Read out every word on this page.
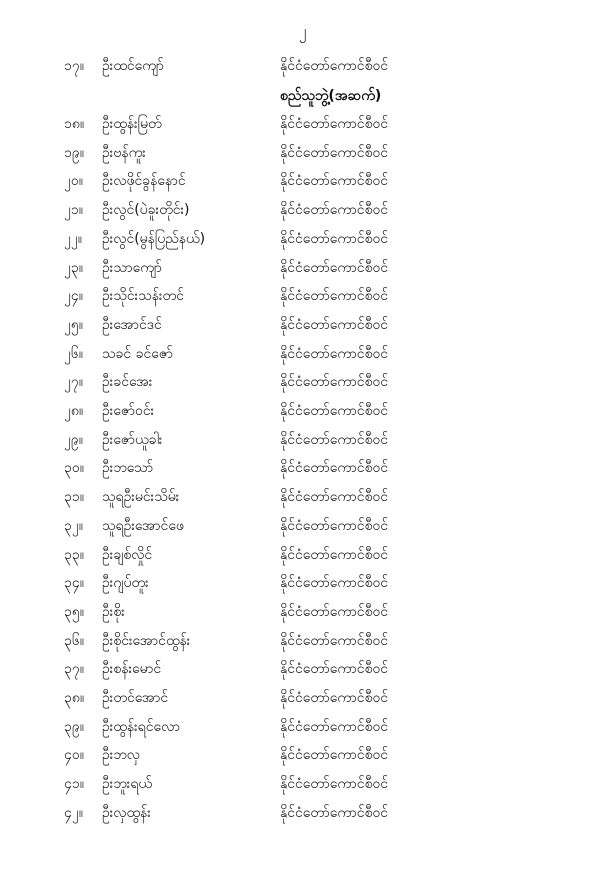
၂
၁၇။	ဦးထင်ကျော်	နိုင်ငံတော်ကောင်စီဝင်
စည်သူဘွဲ့(အဆက်)
၁၈။	ဦးထွန်းမြတ်	နိုင်ငံတော်ကောင်စီဝင်
၁၉။	ဦးဗန်ကူး	နိုင်ငံတော်ကောင်စီဝင်
၂၀။	ဦးလဖိုင်ခွန်နောင်	နိုင်ငံတော်ကောင်စီဝင်
၂၁။	ဦးလွင်(ပဲခူးတိုင်း)	နိုင်ငံတော်ကောင်စီဝင်
၂၂။	ဦးလွင်(မွန်ပြည်နယ်)	နိုင်ငံတော်ကောင်စီဝင်
၂၃။	ဦးသာကျော်	နိုင်ငံတော်ကောင်စီဝင်
၂၄။	ဦးသိုင်းသန်းတင်	နိုင်ငံတော်ကောင်စီဝင်
၂၅။	ဦးအောင်ဒင်	နိုင်ငံတော်ကောင်စီဝင်
၂၆။	သခင် ခင်ဇော်	နိုင်ငံတော်ကောင်စီဝင်
၂၇။	ဦးခင်အေး	နိုင်ငံတော်ကောင်စီဝင်
၂၈။	ဦးဇော်ဝင်း	နိုင်ငံတော်ကောင်စီဝင်
၂၉။	ဦးဇော်ယူခါး	နိုင်ငံတော်ကောင်စီဝင်
၃၀။	ဦးဘသော်	နိုင်ငံတော်ကောင်စီဝင်
၃၁။	သူရဦးမင်းသိမ်း	နိုင်ငံတော်ကောင်စီဝင်
၃၂။	သူရဦးအောင်ဖေ	နိုင်ငံတော်ကောင်စီဝင်
၃၃။	ဦးချစ်လှိုင်	နိုင်ငံတော်ကောင်စီဝင်
၃၄။	ဦးဂျပ်တူး	နိုင်ငံတော်ကောင်စီဝင်
၃၅။	ဦးစိုး	နိုင်ငံတော်ကောင်စီဝင်
၃၆။	ဦးစိုင်းအောင်ထွန်း	နိုင်ငံတော်ကောင်စီဝင်
၃၇။	ဦးစန်းမောင်	နိုင်ငံတော်ကောင်စီဝင်
၃၈။	ဦးတင်အောင်	နိုင်ငံတော်ကောင်စီဝင်
၃၉။	ဦးထွန်းရင်လော	နိုင်ငံတော်ကောင်စီဝင်
၄၀။	ဦးဘလှ	နိုင်ငံတော်ကောင်စီဝင်
၄၁။	ဦးဘူးရယ်	နိုင်ငံတော်ကောင်စီဝင်
၄၂။	ဦးလှထွန်း	နိုင်ငံတော်ကောင်စီဝင်
